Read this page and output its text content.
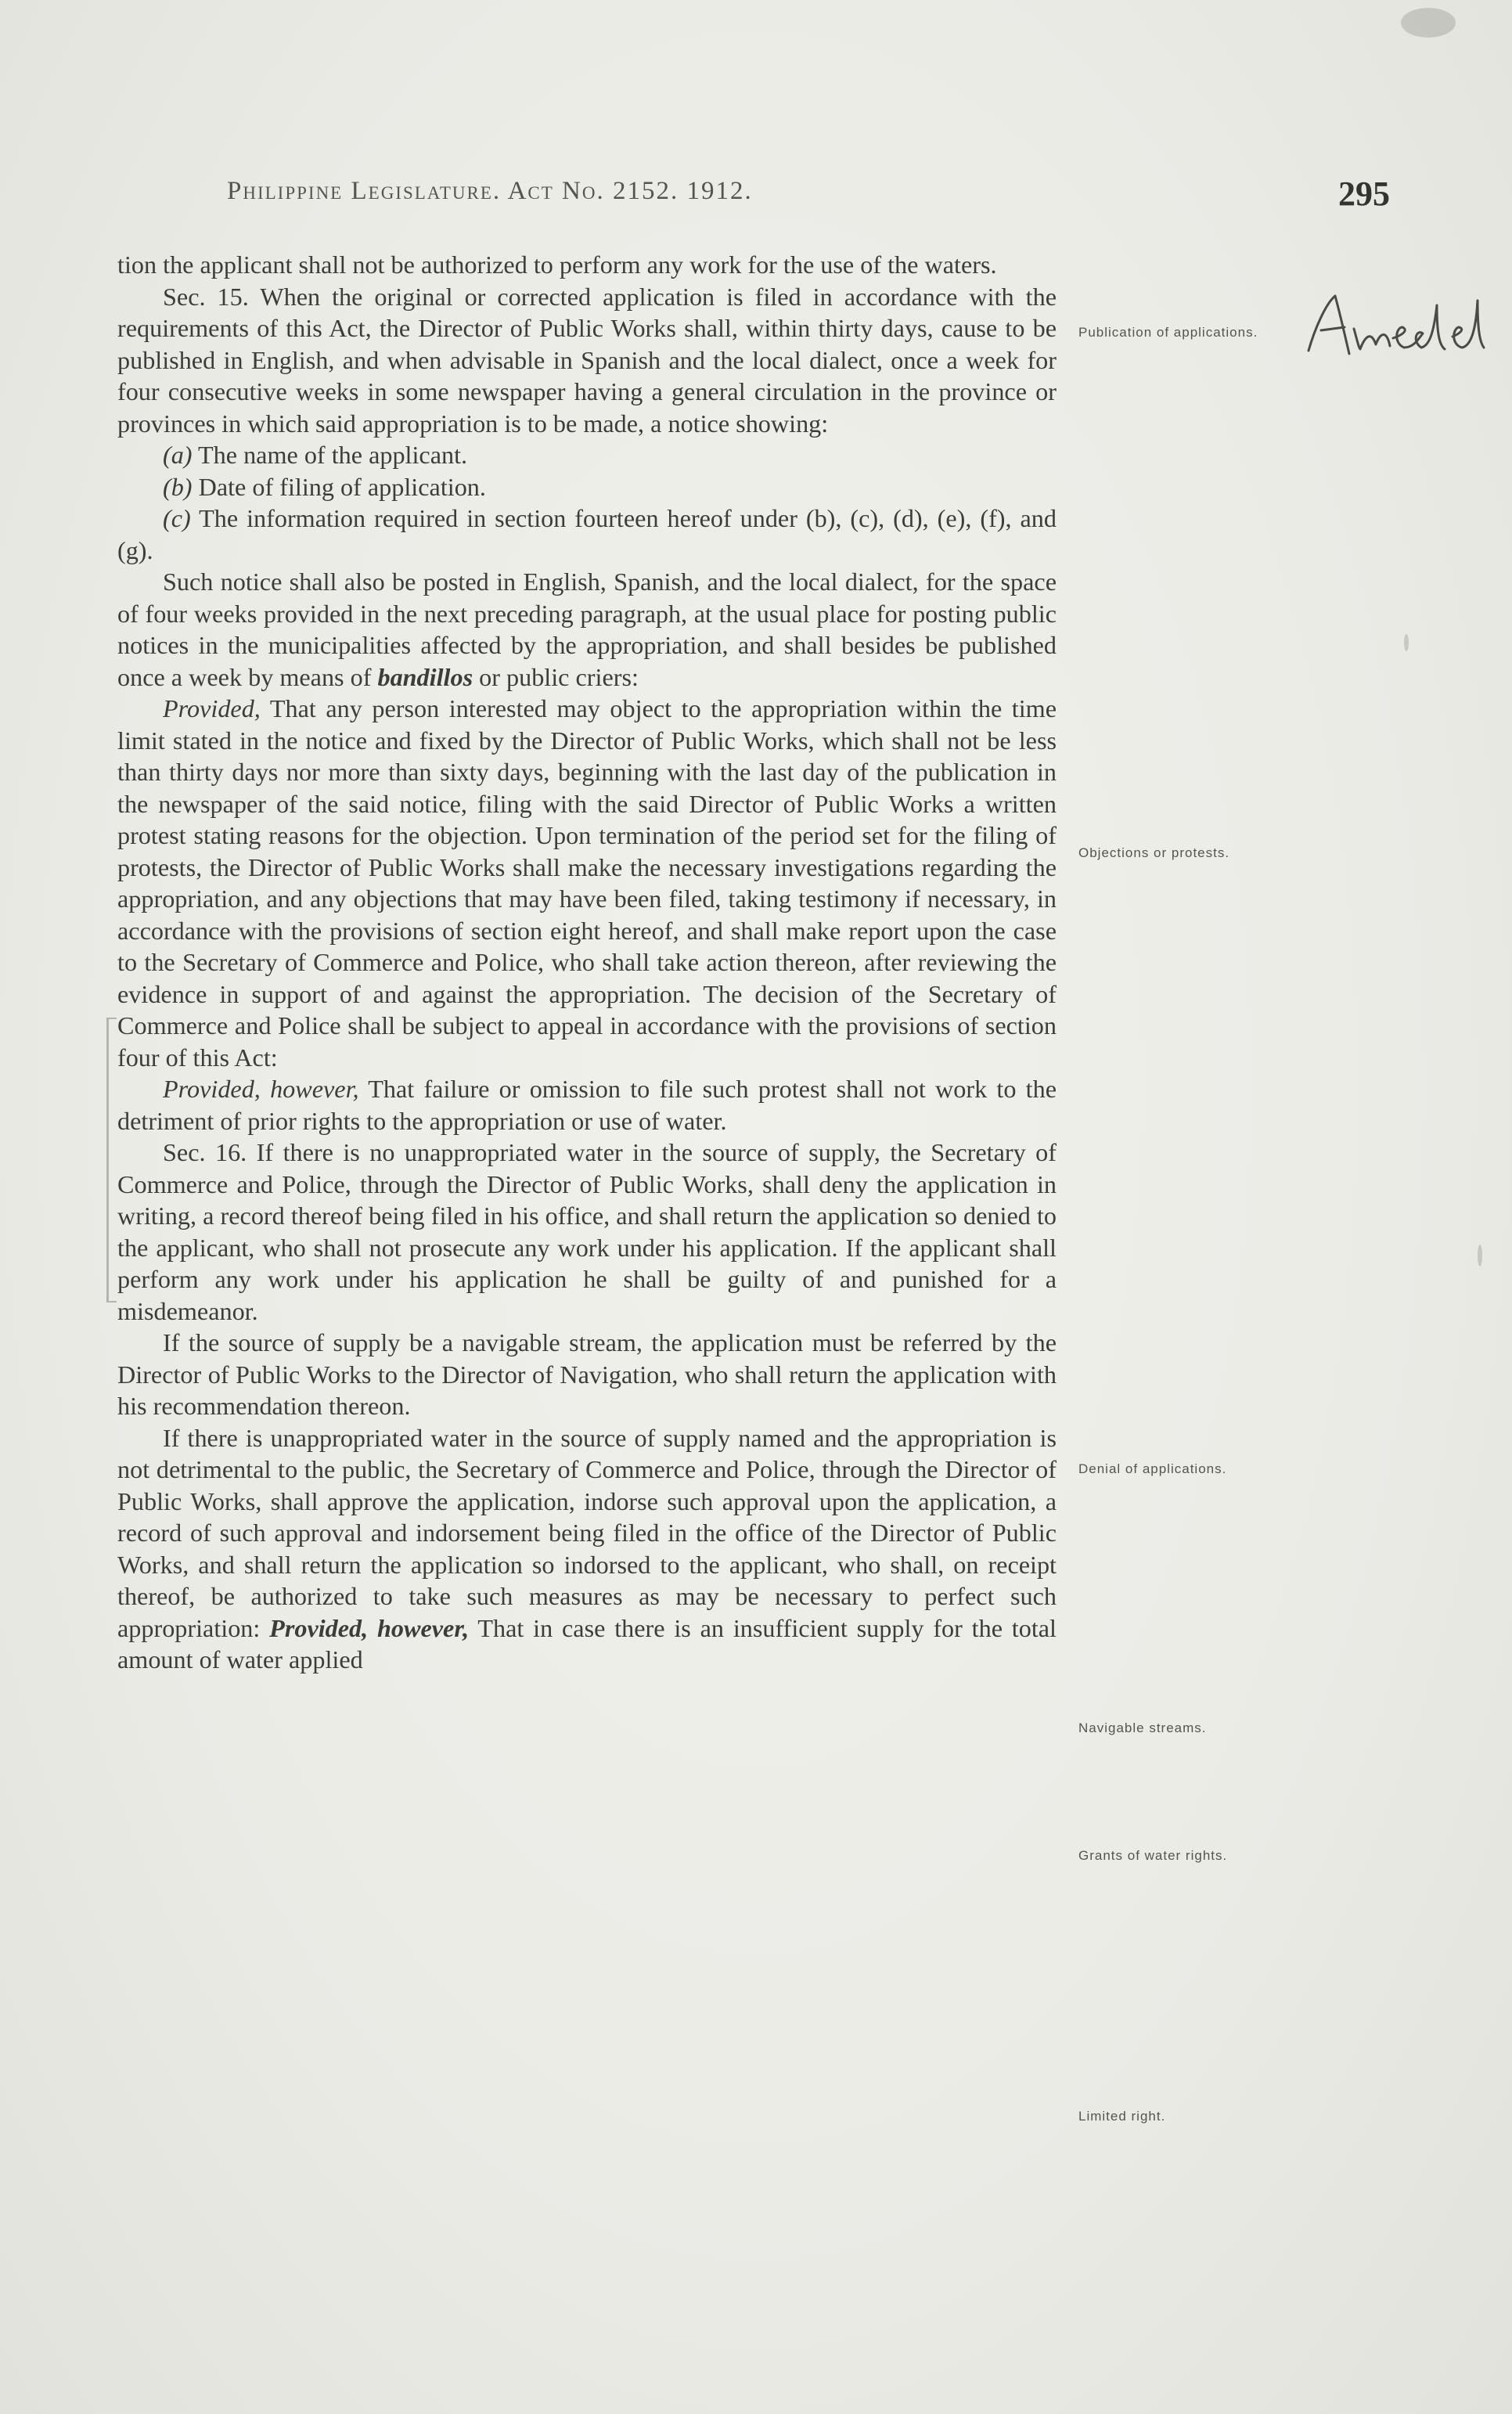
Philippine Legislature. Act No. 2152. 1912.	295
Publication of applications.
Objections or protests.
Denial of applications.
Navigable streams.
Grants of water rights.
Limited right.

tion the applicant shall not be authorized to perform any work for the use of the waters.

Sec. 15. When the original or corrected application is filed in accordance with the requirements of this Act, the Director of Public Works shall, within thirty days, cause to be published in English, and when advisable in Spanish and the local dialect, once a week for four consecutive weeks in some newspaper having a general circulation in the province or provinces in which said appropriation is to be made, a notice showing:

(a) The name of the applicant.

(b) Date of filing of application.

(c) The information required in section fourteen hereof under (b), (c), (d), (e), (f), and (g).

Such notice shall also be posted in English, Spanish, and the local dialect, for the space of four weeks provided in the next preceding paragraph, at the usual place for posting public notices in the municipalities affected by the appropriation, and shall besides be published once a week by means of bandillos or public criers:

Provided, That any person interested may object to the appropriation within the time limit stated in the notice and fixed by the Director of Public Works, which shall not be less than thirty days nor more than sixty days, beginning with the last day of the publication in the newspaper of the said notice, filing with the said Director of Public Works a written protest stating reasons for the objection. Upon termination of the period set for the filing of protests, the Director of Public Works shall make the necessary investigations regarding the appropriation, and any objections that may have been filed, taking testimony if necessary, in accordance with the provisions of section eight hereof, and shall make report upon the case to the Secretary of Commerce and Police, who shall take action thereon, after reviewing the evidence in support of and against the appropriation. The decision of the Secretary of Commerce and Police shall be subject to appeal in accordance with the provisions of section four of this Act:

Provided, however, That failure or omission to file such protest shall not work to the detriment of prior rights to the appropriation or use of water.

Sec. 16. If there is no unappropriated water in the source of supply, the Secretary of Commerce and Police, through the Director of Public Works, shall deny the application in writing, a record thereof being filed in his office, and shall return the application so denied to the applicant, who shall not prosecute any work under his application. If the applicant shall perform any work under his application he shall be guilty of and punished for a misdemeanor.

If the source of supply be a navigable stream, the application must be referred by the Director of Public Works to the Director of Navigation, who shall return the application with his recommendation thereon.

If there is unappropriated water in the source of supply named and the appropriation is not detrimental to the public, the Secretary of Commerce and Police, through the Director of Public Works, shall approve the application, indorse such approval upon the application, a record of such approval and indorsement being filed in the office of the Director of Public Works, and shall return the application so indorsed to the applicant, who shall, on receipt thereof, be authorized to take such measures as may be necessary to perfect such appropriation: Provided, however, That in case there is an insufficient supply for the total amount of water applied
